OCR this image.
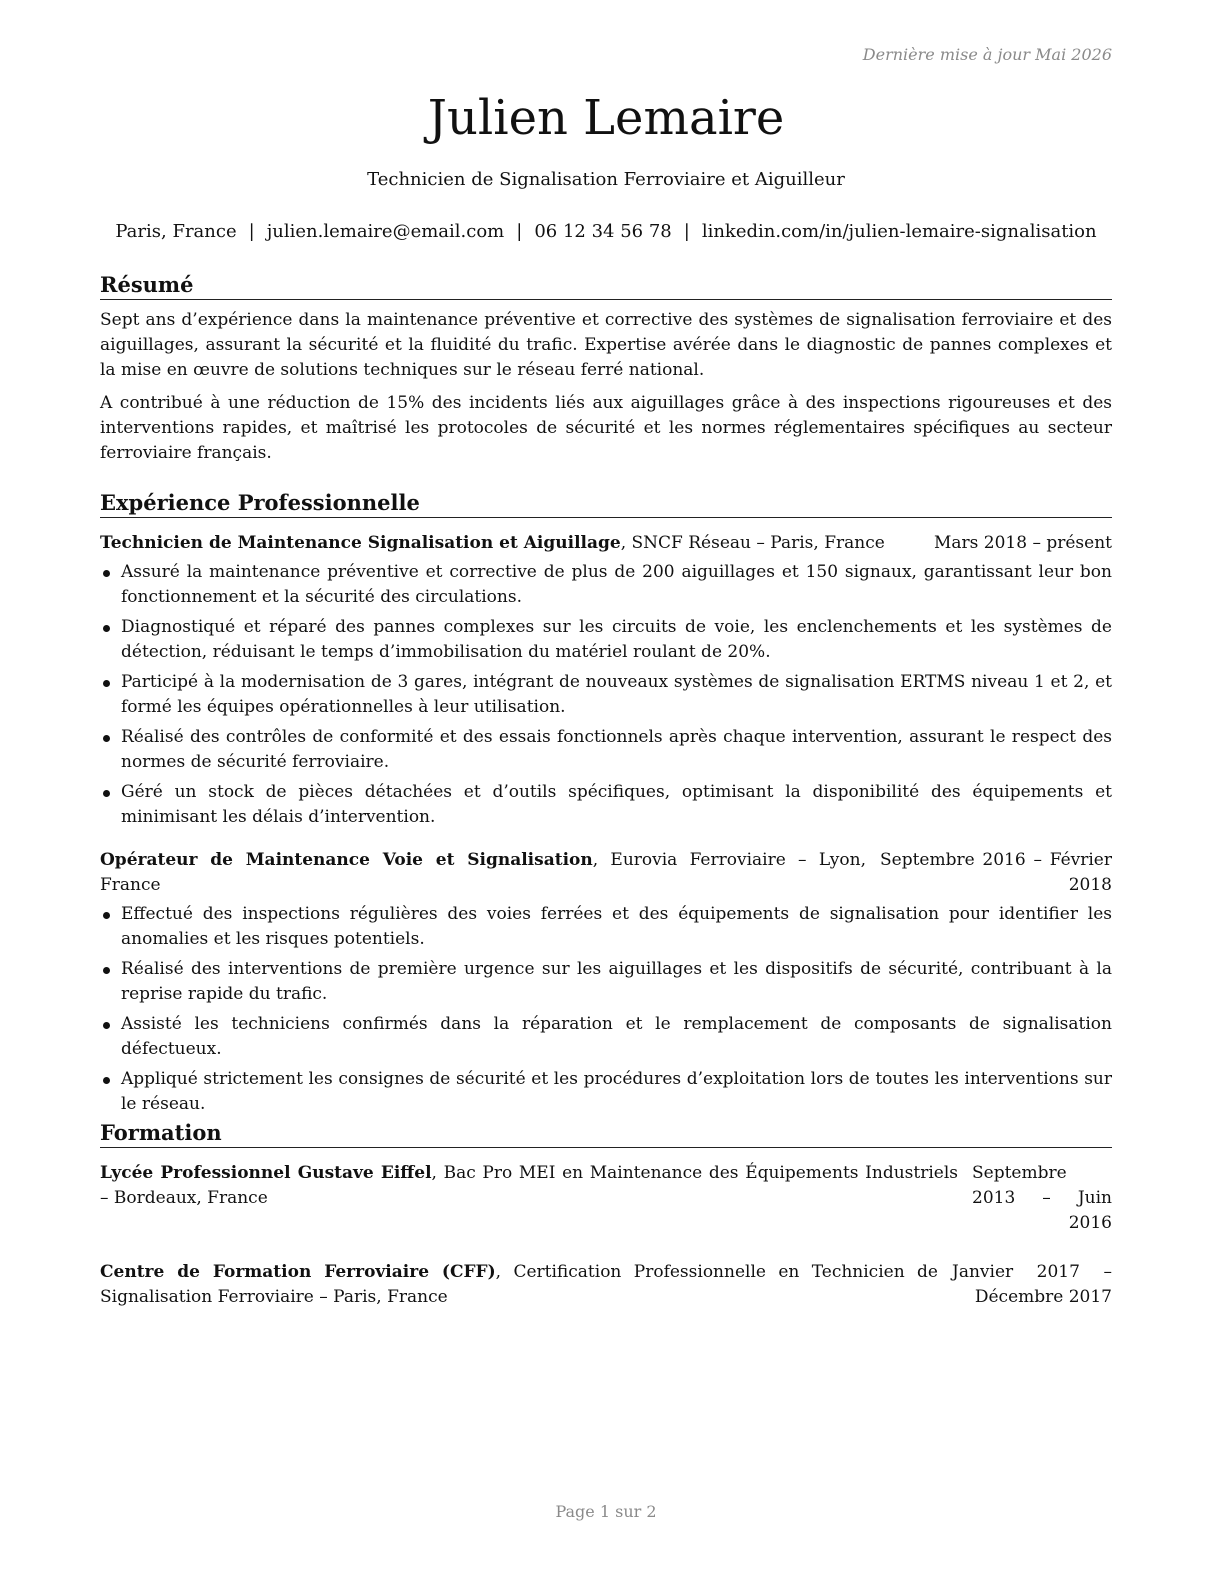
Dernière mise à jour Mai 2026
Julien Lemaire
Technicien de Signalisation Ferroviaire et Aiguilleur
Paris, France | julien.lemaire@email.com | 06 12 34 56 78 | linkedin.com/in/julien-lemaire-signalisation
Résumé

Sept ans d’expérience dans la maintenance préventive et corrective des systèmes de signalisation ferroviaire et des aiguillages, assurant la sécurité et la fluidité du trafic. Expertise avérée dans le diagnostic de pannes complexes et la mise en œuvre de solutions techniques sur le réseau ferré national.

A contribué à une réduction de 15% des incidents liés aux aiguillages grâce à des inspections rigoureuses et des interventions rapides, et maîtrisé les protocoles de sécurité et les normes réglementaires spécifiques au secteur ferroviaire français.

Expérience Professionnelle
Technicien de Maintenance Signalisation et Aiguillage, SNCF Réseau – Paris, France	Mars 2018 – présent
Assuré la maintenance préventive et corrective de plus de 200 aiguillages et 150 signaux, garantissant leur bon fonctionnement et la sécurité des circulations.
Diagnostiqué et réparé des pannes complexes sur les circuits de voie, les enclenchements et les systèmes de détection, réduisant le temps d’immobilisation du matériel roulant de 20%.
Participé à la modernisation de 3 gares, intégrant de nouveaux systèmes de signalisation ERTMS niveau 1 et 2, et formé les équipes opérationnelles à leur utilisation.
Réalisé des contrôles de conformité et des essais fonctionnels après chaque intervention, assurant le respect des normes de sécurité ferroviaire.
Géré un stock de pièces détachées et d’outils spécifiques, optimisant la disponibilité des équipements et minimisant les délais d’intervention.
Opérateur de Maintenance Voie et Signalisation, Eurovia Ferroviaire – Lyon, France
Septembre 2016 – Février 2018
Effectué des inspections régulières des voies ferrées et des équipements de signalisation pour identifier les anomalies et les risques potentiels.
Réalisé des interventions de première urgence sur les aiguillages et les dispositifs de sécurité, contribuant à la reprise rapide du trafic.
Assisté les techniciens confirmés dans la réparation et le remplacement de composants de signalisation défectueux.
Appliqué strictement les consignes de sécurité et les procédures d’exploitation lors de toutes les interventions sur le réseau.
Formation
Lycée Professionnel Gustave Eiffel, Bac Pro MEI en Maintenance des Équipements Industriels – Bordeaux, France
Septembre 2013 – Juin 2016
Centre de Formation Ferroviaire (CFF), Certification Professionnelle en Technicien de Signalisation Ferroviaire – Paris, France
Janvier 2017 – Décembre 2017
Page 1 sur 2
